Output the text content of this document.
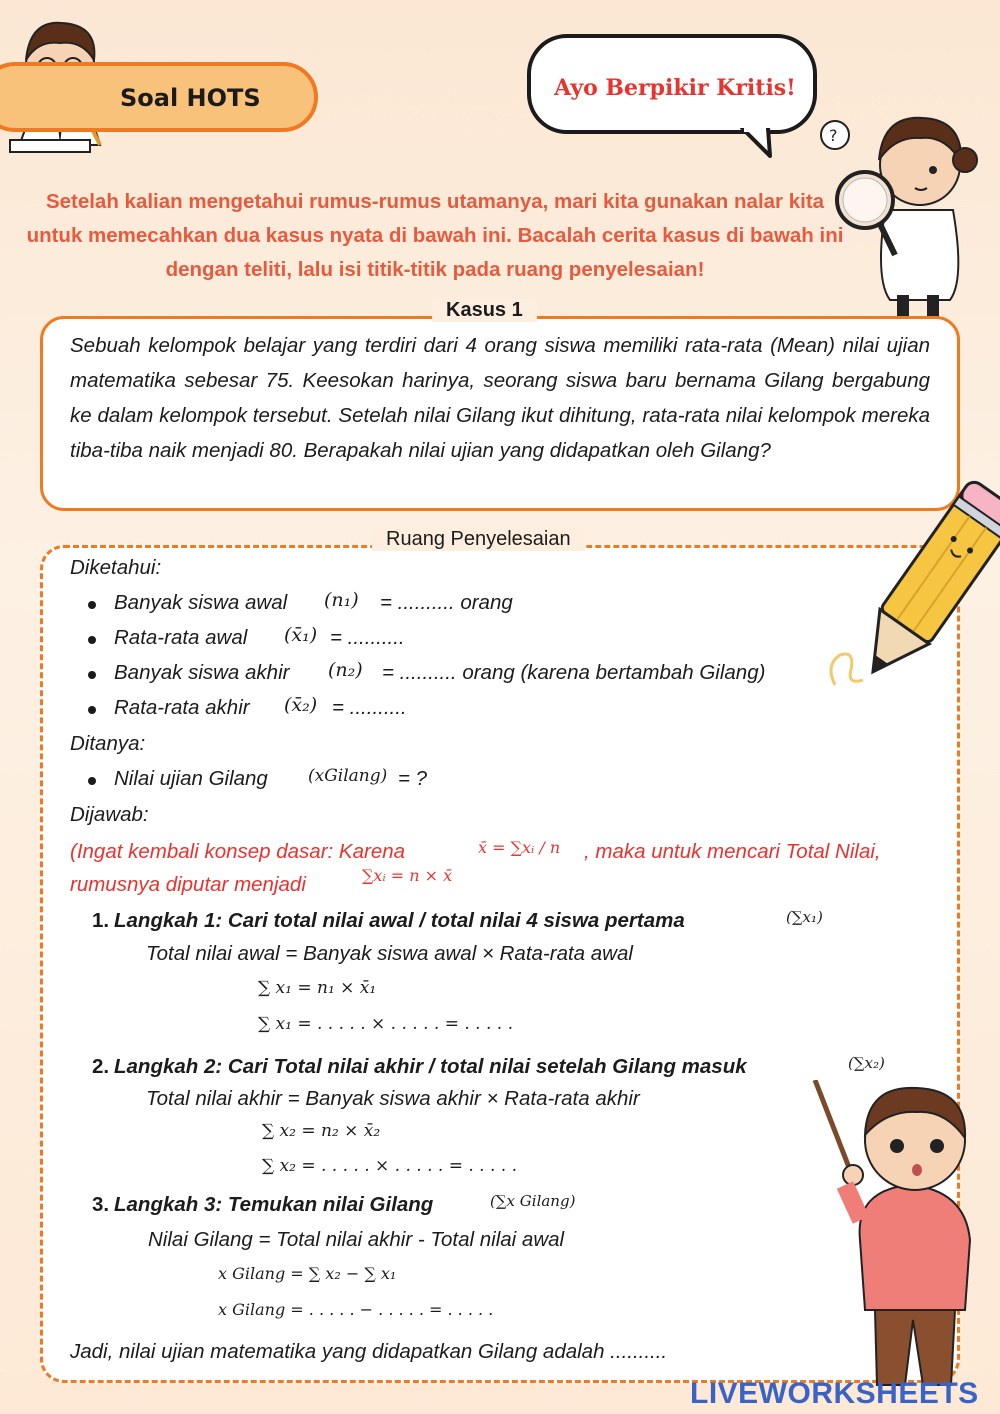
Soal HOTS	Ayo Berpikir Kritis!
?
Setelah kalian mengetahui rumus-rumus utamanya, mari kita gunakan nalar kita untuk memecahkan dua kasus nyata di bawah ini. Bacalah cerita kasus di bawah ini dengan teliti, lalu isi titik-titik pada ruang penyelesaian!
Kasus 1
Sebuah kelompok belajar yang terdiri dari 4 orang siswa memiliki rata-rata (Mean) nilai ujian matematika sebesar 75. Keesokan harinya, seorang siswa baru bernama Gilang bergabung ke dalam kelompok tersebut. Setelah nilai Gilang ikut dihitung, rata-rata nilai kelompok mereka tiba-tiba naik menjadi 80. Berapakah nilai ujian yang didapatkan oleh Gilang?
Ruang Penyelesaian
Diketahui:
Banyak siswa awal (n₁) = .......... orang
Rata-rata awal (x̄₁) = ..........
Banyak siswa akhir (n₂) = .......... orang (karena bertambah Gilang)
Rata-rata akhir (x̄₂) = ..........
Ditanya:
Nilai ujian Gilang (xGilang) = ?
Dijawab:
(Ingat kembali konsep dasar: Karena	x̄ = ∑xᵢ / n , maka untuk mencari Total Nilai,
rumusnya diputar menjadi	∑xᵢ = n × x̄
1. Langkah 1: Cari total nilai awal / total nilai 4 siswa pertama	(∑x₁)
Total nilai awal = Banyak siswa awal × Rata-rata awal
∑ x₁ = n₁ × x̄₁
∑ x₁ = . . . . . × . . . . . = . . . . .
2. Langkah 2: Cari Total nilai akhir / total nilai setelah Gilang masuk	(∑x₂)
Total nilai akhir = Banyak siswa akhir × Rata-rata akhir
∑ x₂ = n₂ × x̄₂
∑ x₂ = . . . . . × . . . . . = . . . . .
3. Langkah 3: Temukan nilai Gilang	(∑x Gilang)
Nilai Gilang = Total nilai akhir - Total nilai awal
x Gilang = ∑ x₂ − ∑ x₁
x Gilang = . . . . . − . . . . . = . . . . .
Jadi, nilai ujian matematika yang didapatkan Gilang adalah ..........
LIVEWORKSHEETS
